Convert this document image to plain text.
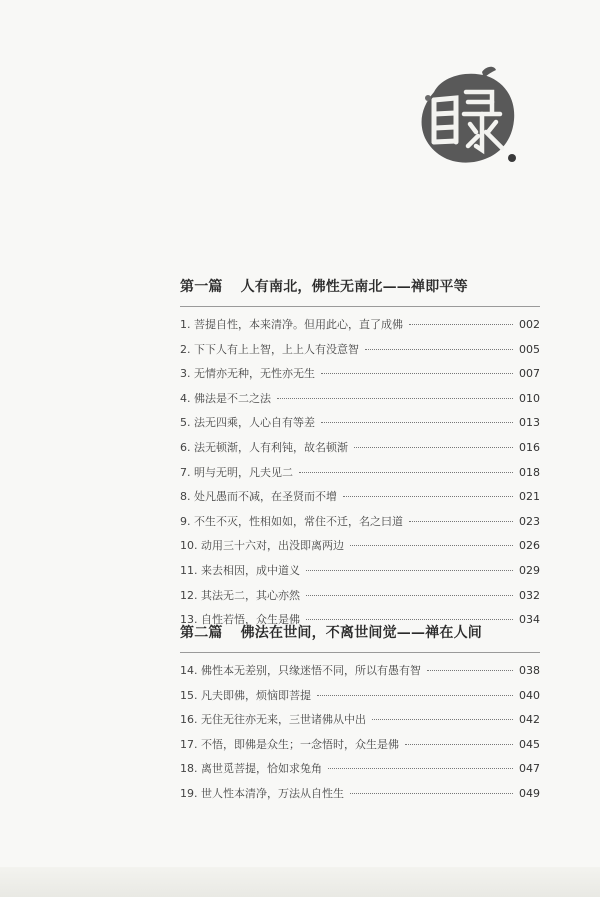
第一篇 人有南北，佛性无南北——禅即平等
1. 菩提自性，本来清净。但用此心，直了成佛	002
2. 下下人有上上智，上上人有没意智	005
3. 无情亦无种，无性亦无生	007
4. 佛法是不二之法	010
5. 法无四乘，人心自有等差	013
6. 法无顿渐，人有利钝，故名顿渐	016
7. 明与无明，凡夫见二	018
8. 处凡愚而不减，在圣贤而不增	021
9. 不生不灭，性相如如，常住不迁，名之曰道	023
10. 动用三十六对，出没即离两边	026
11. 来去相因，成中道义	029
12. 其法无二，其心亦然	032
13. 自性若悟，众生是佛	034
第二篇 佛法在世间，不离世间觉——禅在人间
14. 佛性本无差别，只缘迷悟不同，所以有愚有智	038
15. 凡夫即佛，烦恼即菩提	040
16. 无住无往亦无来，三世诸佛从中出	042
17. 不悟，即佛是众生；一念悟时，众生是佛	045
18. 离世觅菩提，恰如求兔角	047
19. 世人性本清净，万法从自性生	049
